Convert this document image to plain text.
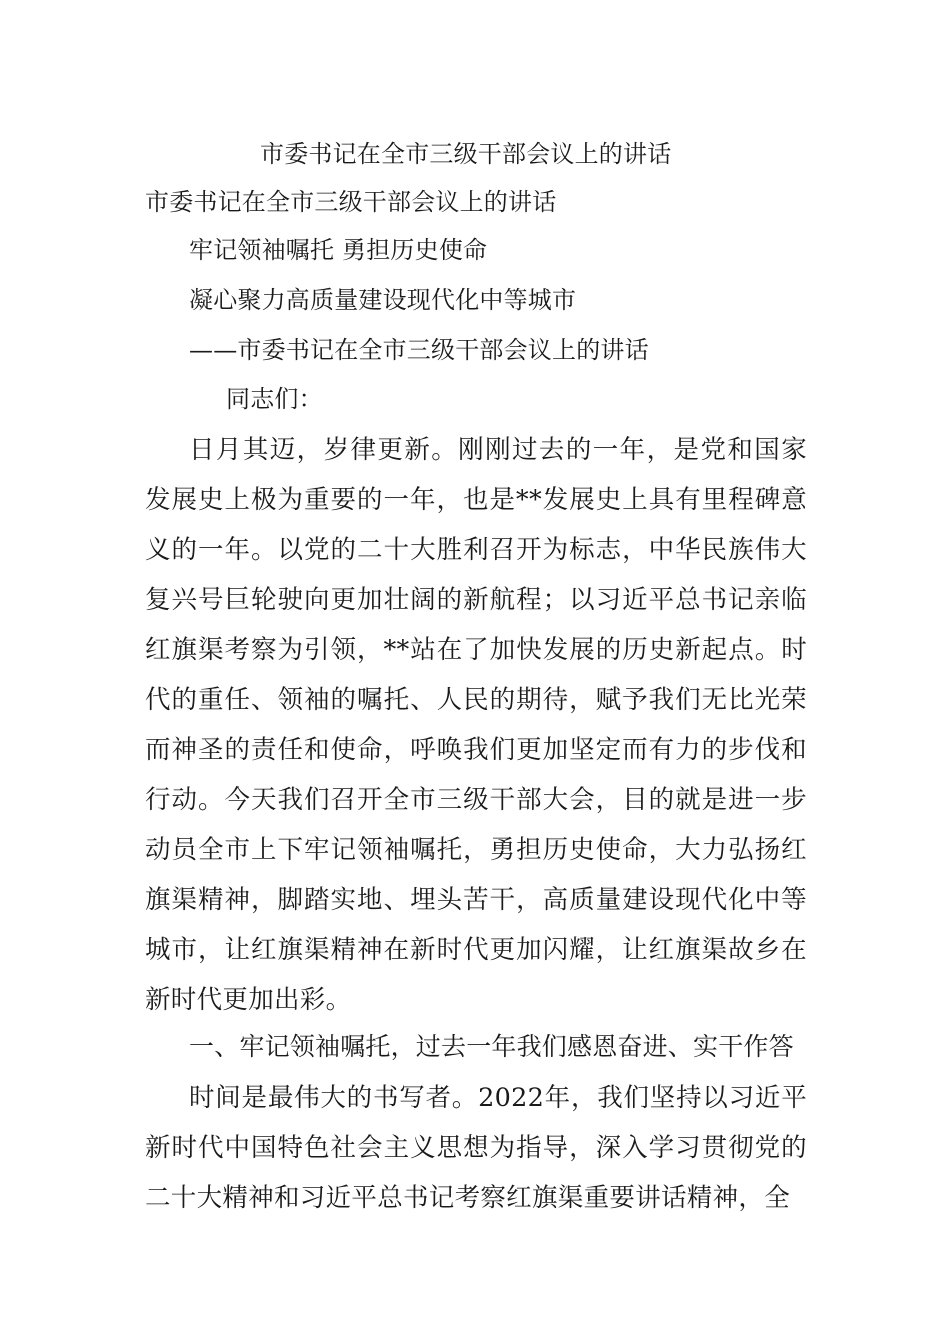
市委书记在全市三级干部会议上的讲话
市委书记在全市三级干部会议上的讲话
牢记领袖嘱托 勇担历史使命
凝心聚力高质量建设现代化中等城市
——市委书记在全市三级干部会议上的讲话
同志们：
日月其迈，岁律更新。刚刚过去的一年，是党和国家发展史上极为重要的一年，也是**发展史上具有里程碑意义的一年。以党的二十大胜利召开为标志，中华民族伟大复兴号巨轮驶向更加壮阔的新航程；以习近平总书记亲临红旗渠考察为引领，**站在了加快发展的历史新起点。时代的重任、领袖的嘱托、人民的期待，赋予我们无比光荣而神圣的责任和使命，呼唤我们更加坚定而有力的步伐和行动。今天我们召开全市三级干部大会，目的就是进一步动员全市上下牢记领袖嘱托，勇担历史使命，大力弘扬红旗渠精神，脚踏实地、埋头苦干，高质量建设现代化中等城市，让红旗渠精神在新时代更加闪耀，让红旗渠故乡在新时代更加出彩。
一、牢记领袖嘱托，过去一年我们感恩奋进、实干作答
时间是最伟大的书写者。2022年，我们坚持以习近平新时代中国特色社会主义思想为指导，深入学习贯彻党的二十大精神和习近平总书记考察红旗渠重要讲话精神，全
